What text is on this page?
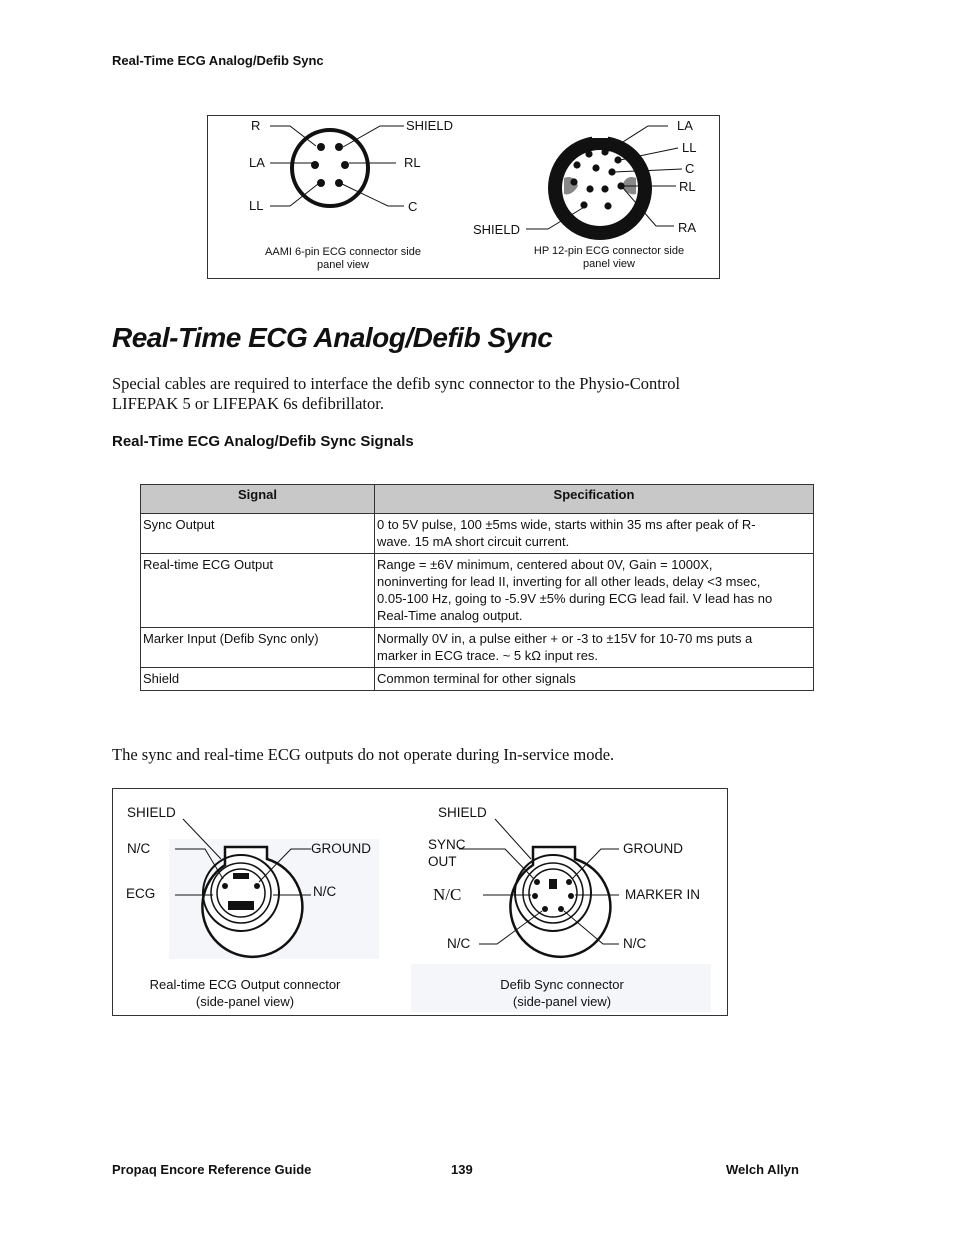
Real-Time ECG Analog/Defib Sync
R	SHIELD
LA	RL
LL	C
AAMI 6-pin ECG connector side
panel view
LA
LL
C
RL
RA
SHIELD
HP 12-pin ECG connector side
panel view
Real-Time ECG Analog/Defib Sync
Special cables are required to interface the defib sync connector to the Physio-Control
LIFEPAK 5 or LIFEPAK 6s defibrillator.
Real-Time ECG Analog/Defib Sync Signals
Signal	Specification
Sync Output	0 to 5V pulse, 100 ±5ms wide, starts within 35 ms after peak of R-
wave. 15 mA short circuit current.

Real-time ECG Output	Range = ±6V minimum, centered about 0V, Gain = 1000X,
noninverting for lead II, inverting for all other leads, delay <3 msec,
0.05-100 Hz, going to -5.9V ±5% during ECG lead fail. V lead has no
Real-Time analog output.

Marker Input (Defib Sync only)	Normally 0V in, a pulse either + or -3 to ±15V for 10-70 ms puts a
marker in ECG trace. ~ 5 kΩ input res.

Shield	Common terminal for other signals
The sync and real-time ECG outputs do not operate during In-service mode.
SHIELD
N/C	GROUND
ECG	N/C
Real-time ECG Output connector
(side-panel view)
SHIELD
SYNC
OUT
GROUND
N/C	MARKER IN
N/C	N/C
Defib Sync connector
(side-panel view)
Propaq Encore Reference Guide	139	Welch Allyn
